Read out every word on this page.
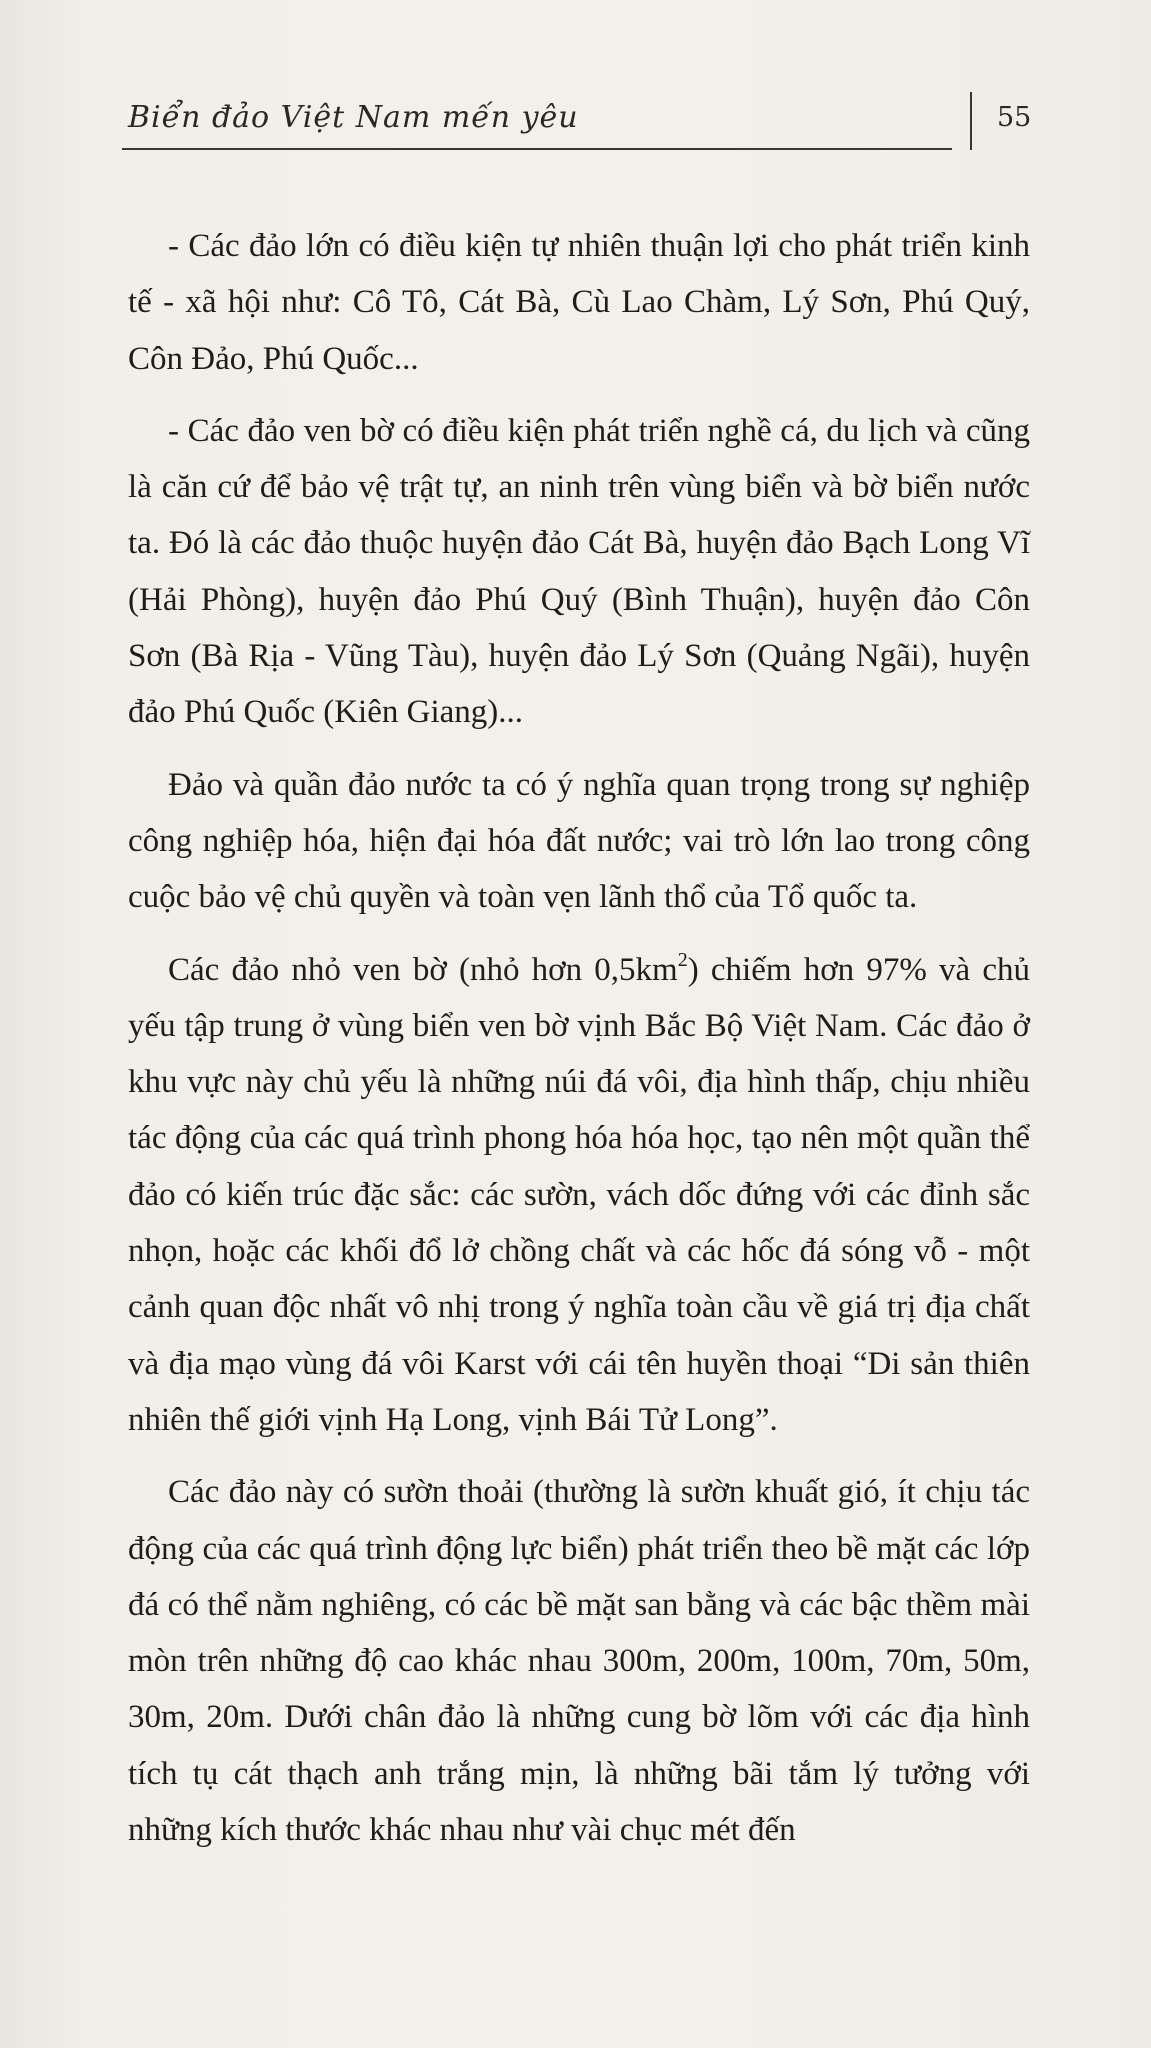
Biển đảo Việt Nam mến yêu	55

- Các đảo lớn có điều kiện tự nhiên thuận lợi cho phát triển kinh tế - xã hội như: Cô Tô, Cát Bà, Cù Lao Chàm, Lý Sơn, Phú Quý, Côn Đảo, Phú Quốc...

- Các đảo ven bờ có điều kiện phát triển nghề cá, du lịch và cũng là căn cứ để bảo vệ trật tự, an ninh trên vùng biển và bờ biển nước ta. Đó là các đảo thuộc huyện đảo Cát Bà, huyện đảo Bạch Long Vĩ (Hải Phòng), huyện đảo Phú Quý (Bình Thuận), huyện đảo Côn Sơn (Bà Rịa - Vũng Tàu), huyện đảo Lý Sơn (Quảng Ngãi), huyện đảo Phú Quốc (Kiên Giang)...

Đảo và quần đảo nước ta có ý nghĩa quan trọng trong sự nghiệp công nghiệp hóa, hiện đại hóa đất nước; vai trò lớn lao trong công cuộc bảo vệ chủ quyền và toàn vẹn lãnh thổ của Tổ quốc ta.

Các đảo nhỏ ven bờ (nhỏ hơn $0,5km^2$) chiếm hơn 97% và chủ yếu tập trung ở vùng biển ven bờ vịnh Bắc Bộ Việt Nam. Các đảo ở khu vực này chủ yếu là những núi đá vôi, địa hình thấp, chịu nhiều tác động của các quá trình phong hóa hóa học, tạo nên một quần thể đảo có kiến trúc đặc sắc: các sườn, vách dốc đứng với các đỉnh sắc nhọn, hoặc các khối đổ lở chồng chất và các hốc đá sóng vỗ - một cảnh quan độc nhất vô nhị trong ý nghĩa toàn cầu về giá trị địa chất và địa mạo vùng đá vôi Karst với cái tên huyền thoại “Di sản thiên nhiên thế giới vịnh Hạ Long, vịnh Bái Tử Long”.

Các đảo này có sườn thoải (thường là sườn khuất gió, ít chịu tác động của các quá trình động lực biển) phát triển theo bề mặt các lớp đá có thể nằm nghiêng, có các bề mặt san bằng và các bậc thềm mài mòn trên những độ cao khác nhau 300m, 200m, 100m, 70m, 50m, 30m, 20m. Dưới chân đảo là những cung bờ lõm với các địa hình tích tụ cát thạch anh trắng mịn, là những bãi tắm lý tưởng với những kích thước khác nhau như vài chục mét đến
